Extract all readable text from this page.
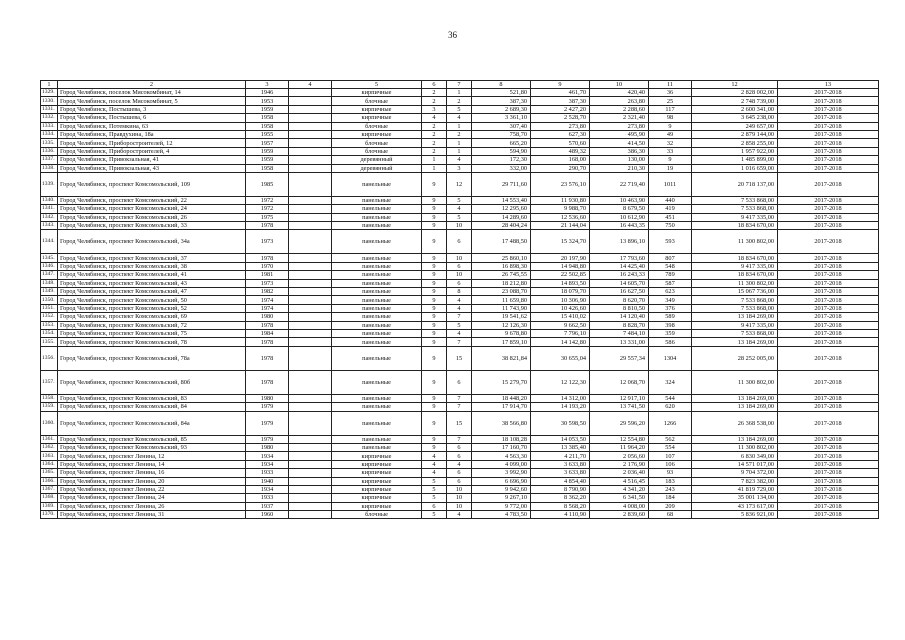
36
1	2	3	4	5	6	7	8	9	10	11	12	13
1329.	Город Челябинск, поселок Мясокомбинат, 14	1946		кирпичные	2	1	521,80	461,70	420,40	36	2 828 002,00	2017-2018
1330.	Город Челябинск, поселок Мясокомбинат, 5	1953		блочные	2	2	387,30	387,30	263,80	25	2 748 739,00	2017-2018
1331.	Город Челябинск, Постышева, 3	1959		кирпичные	3	5	2 689,30	2 427,20	2 288,60	117	2 600 341,00	2017-2018
1332.	Город Челябинск, Постышева, 6	1958		кирпичные	4	4	3 361,10	2 528,70	2 321,40	98	3 645 238,00	2017-2018
1333.	Город Челябинск, Потемкина, 63	1958		блочные	2	1	307,40	273,80	273,80	9	249 657,00	2017-2018
1334.	Город Челябинск, Правдухина, 18а	1955		кирпичные	2	2	758,70	627,30	495,90	49	2 879 144,00	2017-2018
1335.	Город Челябинск, Приборостроителей, 12	1957		блочные	2	1	665,20	570,60	414,50	32	2 858 255,00	2017-2018
1336.	Город Челябинск, Приборостроителей, 4	1959		блочные	2	1	594,90	489,32	386,30	33	1 957 922,00	2017-2018
1337.	Город Челябинск, Привокзальная, 41	1959		деревянный	1	4	172,30	168,00	130,00	9	1 485 899,00	2017-2018
1338.	Город Челябинск, Привокзальная, 43	1958		деревянный	1	3	332,00	290,70	210,30	19	1 016 659,00	2017-2018
1339.	Город Челябинск, проспект Комсомольский, 109	1985		панельные	9	12	29 711,60	23 576,10	22 719,40	1011	20 718 137,00	2017-2018
1340.	Город Челябинск, проспект Комсомольский, 22	1972		панельные	9	5	14 553,40	11 930,80	10 463,90	440	7 533 868,00	2017-2018
1341.	Город Челябинск, проспект Комсомольский, 24	1972		панельные	9	4	12 295,60	9 988,70	8 679,50	419	7 533 868,00	2017-2018
1342.	Город Челябинск, проспект Комсомольский, 26	1975		панельные	9	5	14 289,60	12 536,60	10 612,90	451	9 417 335,00	2017-2018
1343.	Город Челябинск, проспект Комсомольский, 33	1978		панельные	9	10	28 404,24	21 144,04	16 443,35	750	18 834 670,00	2017-2018
1344.	Город Челябинск, проспект Комсомольский, 34а	1973		панельные	9	6	17 488,50	15 324,70	13 896,10	593	11 300 802,00	2017-2018
1345.	Город Челябинск, проспект Комсомольский, 37	1978		панельные	9	10	25 860,10	20 197,90	17 793,60	807	18 834 670,00	2017-2018
1346.	Город Челябинск, проспект Комсомольский, 38	1970		панельные	9	6	16 898,30	14 948,80	14 425,40	548	9 417 335,00	2017-2018
1347.	Город Челябинск, проспект Комсомольский, 41	1981		панельные	9	10	26 745,55	22 502,85	16 243,33	789	18 834 670,00	2017-2018
1348.	Город Челябинск, проспект Комсомольский, 43	1973		панельные	9	6	18 212,80	14 893,50	14 605,70	587	11 300 802,00	2017-2018
1349.	Город Челябинск, проспект Комсомольский, 47	1982		панельные	9	8	23 088,70	18 079,70	16 627,50	623	15 067 736,00	2017-2018
1350.	Город Челябинск, проспект Комсомольский, 50	1974		панельные	9	4	11 659,80	10 306,90	8 620,70	349	7 533 868,00	2017-2018
1351.	Город Челябинск, проспект Комсомольский, 52	1974		панельные	9	4	11 743,90	10 426,60	8 810,50	376	7 533 868,00	2017-2018
1352.	Город Челябинск, проспект Комсомольский, 69	1980		панельные	9	7	19 541,62	15 410,02	14 120,40	589	13 184 269,00	2017-2018
1353.	Город Челябинск, проспект Комсомольский, 72	1978		панельные	9	5	12 126,30	9 662,50	8 828,70	398	9 417 335,00	2017-2018
1354.	Город Челябинск, проспект Комсомольский, 75	1984		панельные	9	4	9 678,80	7 796,10	7 484,10	359	7 533 868,00	2017-2018
1355.	Город Челябинск, проспект Комсомольский, 78	1978		панельные	9	7	17 859,10	14 142,80	13 331,00	586	13 184 269,00	2017-2018
1356.	Город Челябинск, проспект Комсомольский, 78а	1978		панельные	9	15	38 821,84	30 655,04	29 557,34	1304	28 252 005,00	2017-2018
1357.	Город Челябинск, проспект Комсомольский, 80б	1978		панельные	9	6	15 279,70	12 122,30	12 068,70	324	11 300 802,00	2017-2018
1358.	Город Челябинск, проспект Комсомольский, 83	1980		панельные	9	7	18 448,20	14 312,00	12 917,10	544	13 184 269,00	2017-2018
1359.	Город Челябинск, проспект Комсомольский, 84	1979		панельные	9	7	17 914,70	14 193,20	13 741,50	620	13 184 269,00	2017-2018
1360.	Город Челябинск, проспект Комсомольский, 84а	1979		панельные	9	15	38 566,80	30 598,50	29 596,20	1266	26 368 538,00	2017-2018
1361.	Город Челябинск, проспект Комсомольский, 85	1979		панельные	9	7	18 108,28	14 053,50	12 554,80	562	13 184 269,00	2017-2018
1362.	Город Челябинск, проспект Комсомольский, 93	1980		панельные	9	6	17 160,70	13 385,40	11 964,20	554	11 300 802,00	2017-2018
1363.	Город Челябинск, проспект Ленина, 12	1934		кирпичные	4	6	4 563,30	4 211,70	2 056,60	107	6 830 349,00	2017-2018
1364.	Город Челябинск, проспект Ленина, 14	1934		кирпичные	4	4	4 099,00	3 633,80	2 176,90	106	14 571 017,00	2017-2018
1365.	Город Челябинск, проспект Ленина, 16	1933		кирпичные	4	6	3 992,90	3 633,80	2 036,40	93	9 704 372,00	2017-2018
1366.	Город Челябинск, проспект Ленина, 20	1940		кирпичные	5	6	6 696,90	4 854,40	4 516,45	183	7 823 382,00	2017-2018
1367.	Город Челябинск, проспект Ленина, 22	1934		кирпичные	5	10	9 942,60	8 790,90	4 341,20	243	41 819 729,00	2017-2018
1368.	Город Челябинск, проспект Ленина, 24	1933		кирпичные	5	10	9 267,10	8 362,20	6 341,50	184	35 001 134,00	2017-2018
1369.	Город Челябинск, проспект Ленина, 26	1937		кирпичные	6	10	9 772,00	8 568,20	4 008,00	209	43 173 617,00	2017-2018
1370.	Город Челябинск, проспект Ленина, 31	1960		блочные	5	4	4 783,50	4 110,90	2 839,60	68	5 836 921,00	2017-2018
